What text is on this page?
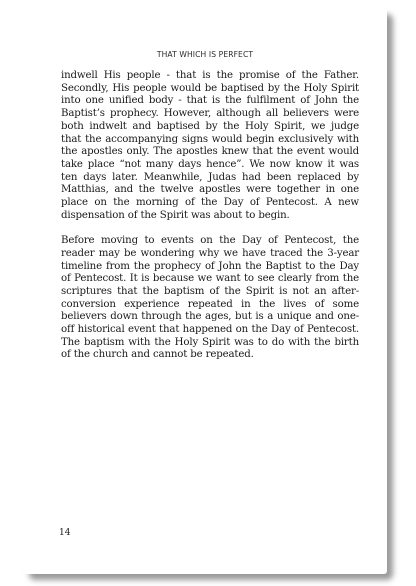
THAT WHICH IS PERFECT

indwell His people - that is the promise of the Father. Secondly, His people would be baptised by the Holy Spirit into one unified body - that is the fulfilment of John the Baptist’s prophecy. However, although all believers were both indwelt and baptised by the Holy Spirit, we judge that the accompanying signs would begin exclusively with the apostles only. The apostles knew that the event would take place “not many days hence”. We now know it was ten days later. Meanwhile, Judas had been replaced by Matthias, and the twelve apostles were together in one place on the morning of the Day of Pentecost. A new dispensation of the Spirit was about to begin.

Before moving to events on the Day of Pentecost, the reader may be wondering why we have traced the 3-year timeline from the prophecy of John the Baptist to the Day of Pentecost. It is because we want to see clearly from the scriptures that the baptism of the Spirit is not an after-conversion experience repeated in the lives of some believers down through the ages, but is a unique and one-off historical event that happened on the Day of Pentecost. The baptism with the Holy Spirit was to do with the birth of the church and cannot be repeated.

14
